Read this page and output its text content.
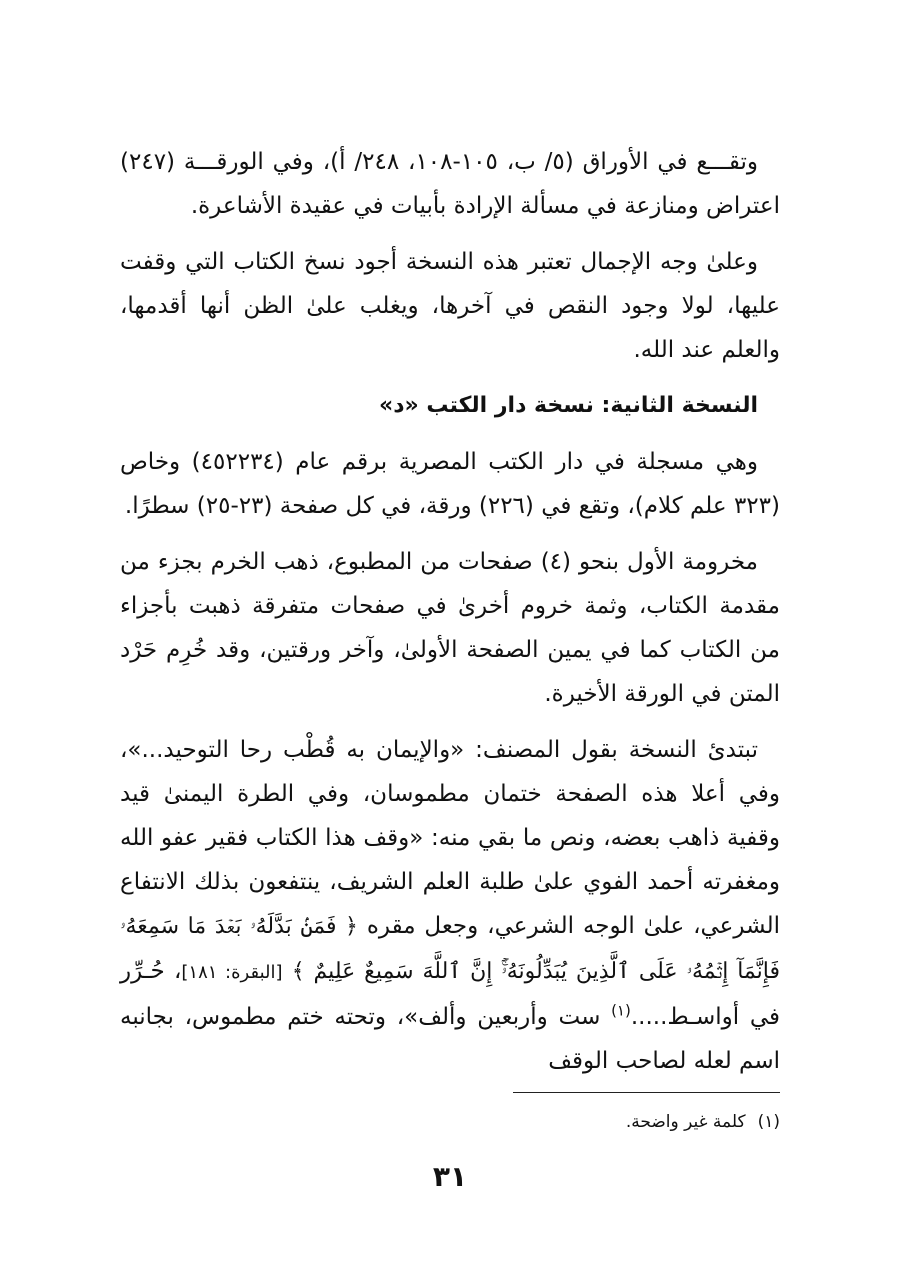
وتقـــع في الأوراق (٥/ ب، ١٠٥-١٠٨، ٢٤٨/ أ)، وفي الورقـــة (٢٤٧) اعتراض ومنازعة في مسألة الإرادة بأبيات في عقيدة الأشاعرة.

وعلىٰ وجه الإجمال تعتبر هذه النسخة أجود نسخ الكتاب التي وقفت عليها، لولا وجود النقص في آخرها، ويغلب علىٰ الظن أنها أقدمها، والعلم عند الله.

النسخة الثانية: نسخة دار الكتب «د»

وهي مسجلة في دار الكتب المصرية برقم عام (٤٥٢٢٣٤) وخاص (٣٢٣ علم كلام)، وتقع في (٢٢٦) ورقة، في كل صفحة (٢٣-٢٥) سطرًا.

مخرومة الأول بنحو (٤) صفحات من المطبوع، ذهب الخرم بجزء من مقدمة الكتاب، وثمة خروم أخرىٰ في صفحات متفرقة ذهبت بأجزاء من الكتاب كما في يمين الصفحة الأولىٰ، وآخر ورقتين، وقد خُرِم حَرْد المتن في الورقة الأخيرة.

تبتدئ النسخة بقول المصنف: «والإيمان به قُطْب رحا التوحيد...»، وفي أعلا هذه الصفحة ختمان مطموسان، وفي الطرة اليمنىٰ قيد وقفية ذاهب بعضه، ونص ما بقي منه: «وقف هذا الكتاب فقير عفو الله ومغفرته أحمد الفوي علىٰ طلبة العلم الشريف، ينتفعون بذلك الانتفاع الشرعي، علىٰ الوجه الشرعي، وجعل مقره ﴿ فَمَنۢ بَدَّلَهُۥ بَعۡدَ مَا سَمِعَهُۥ فَإِنَّمَآ إِثۡمُهُۥ عَلَى ٱلَّذِينَ يُبَدِّلُونَهُۥٓۚ إِنَّ ٱللَّهَ سَمِيعٌ عَلِيمٌ ﴾ [البقرة: ١٨١]، حُـرِّر في أواسـط.....$^{(١)}$ ست وأربعين وألف»، وتحته ختم مطموس، بجانبه اسم لعله لصاحب الوقف

(١)كلمة غير واضحة.
٣١
